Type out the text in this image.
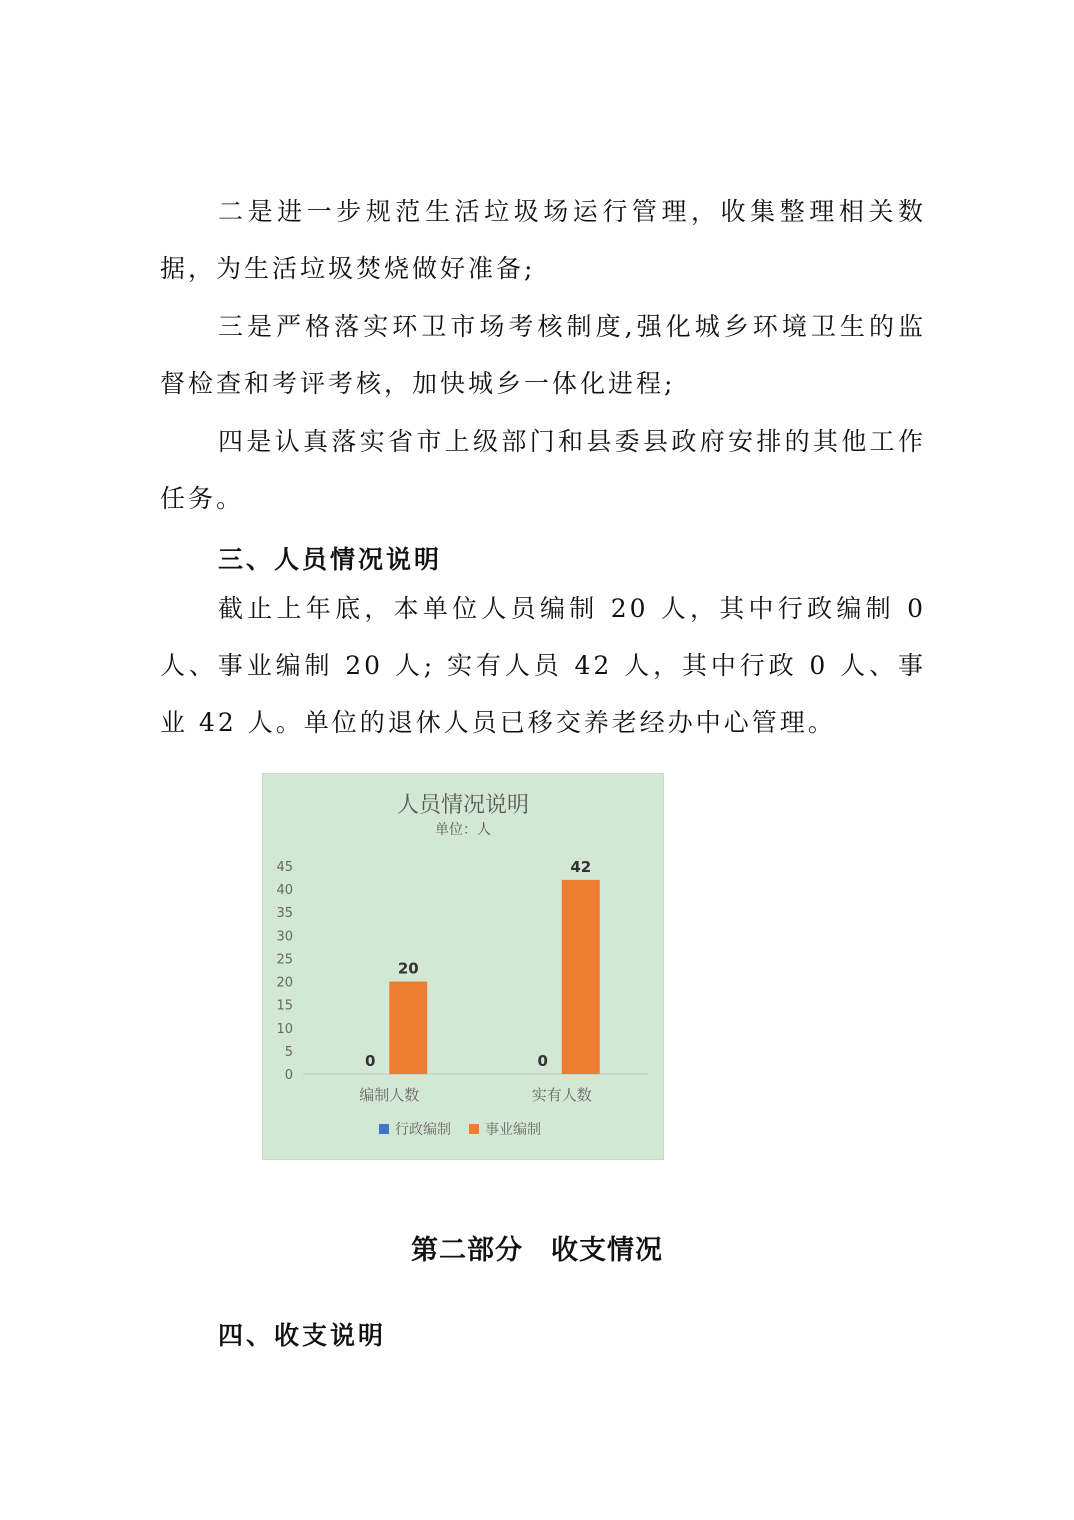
二是进一步规范生活垃圾场运行管理，收集整理相关数据，为生活垃圾焚烧做好准备;

三是严格落实环卫市场考核制度,强化城乡环境卫生的监督检查和考评考核，加快城乡一体化进程;

四是认真落实省市上级部门和县委县政府安排的其他工作任务。

三、人员情况说明

截止上年底，本单位人员编制 20 人，其中行政编制 0 人、事业编制 20 人; 实有人员 42 人，其中行政 0 人、事业 42 人。单位的退休人员已移交养老经办中心管理。

人员情况说明
单位：人
0
5
10
15
20
25
30
35
40
45
0
20
0
42
编制人数	实有人数
行政编制 事业编制
第二部分　收支情况
四、收支说明
